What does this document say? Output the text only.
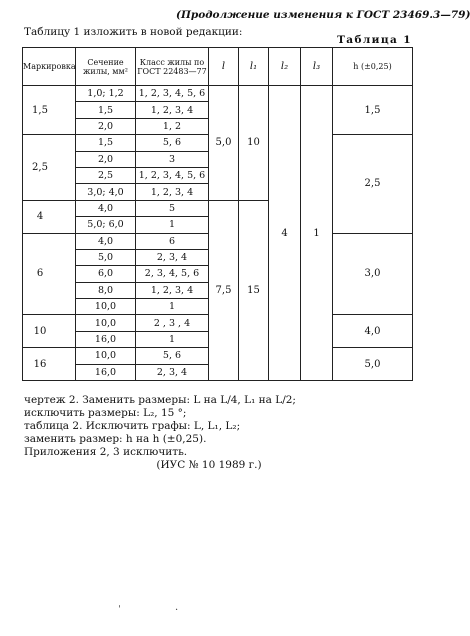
(Продолжение изменения к ГОСТ 23469.3—79)
Таблицу 1 изложить в новой редакции:
Таблица 1
Маркировка	Сечение жилы, мм²	Класс жилы по ГОСТ 22483—77	l	l₁	l₂	l₃	h (±0,25)
1,5	1,0; 1,2	1, 2, 3, 4, 5, 6	5,0	10	4	1	1,5
	1,5	1, 2, 3, 4					
	2,0	1, 2					
2,5	1,5	5, 6					2,5
	2,0	3					
	2,5	1, 2, 3, 4, 5, 6					
	3,0; 4,0	1, 2, 3, 4					
4	4,0	5	7,5	15			
	5,0; 6,0	1					
6	4,0	6					3,0
	5,0	2, 3, 4					
	6,0	2, 3, 4, 5, 6					
	8,0	1, 2, 3, 4					
	10,0	1					
10	10,0	2 , 3 , 4					4,0
	16,0	1					
16	10,0	5, 6					5,0
	16,0	2, 3, 4					
чертеж 2. Заменить размеры: L на L/4, L₁ на L/2;
исключить размеры: L₂, 15 °;
таблица 2. Исключить графы: L, L₁, L₂;
заменить размер: h на h (±0,25).
Приложения 2, 3 исключить.
(ИУС № 10 1989 г.)
ˈ	·
